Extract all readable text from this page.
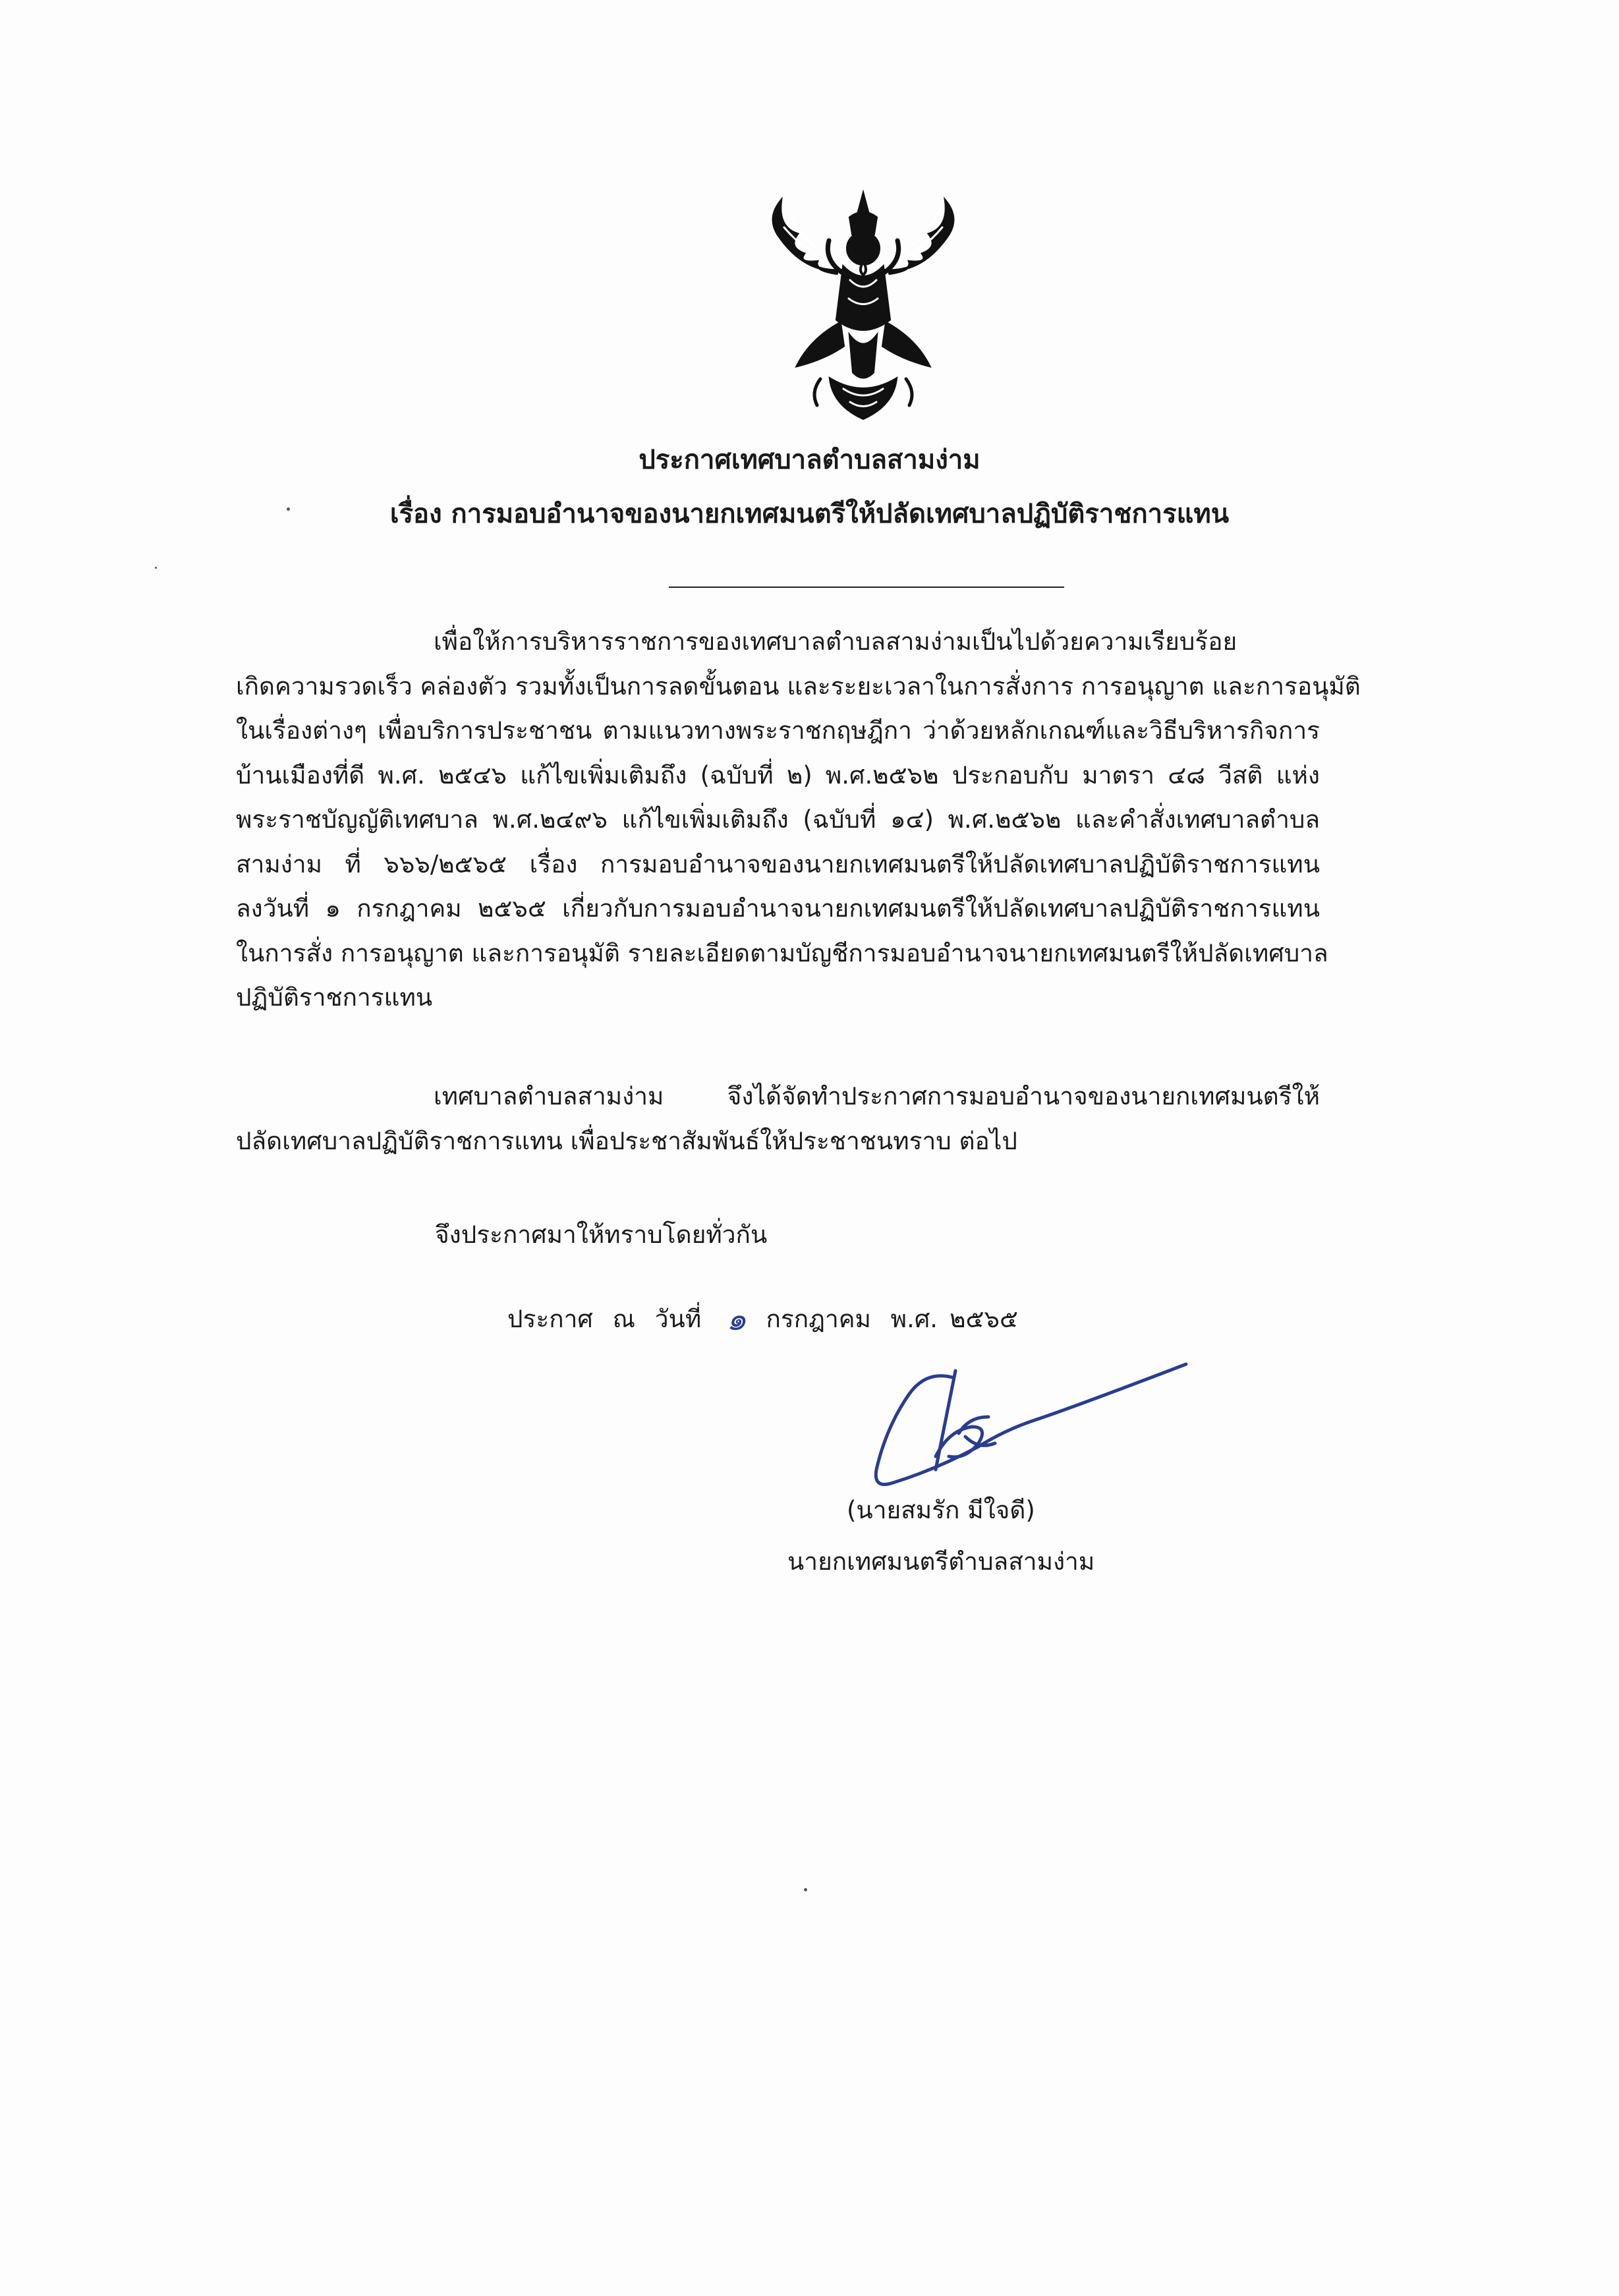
ประกาศเทศบาลตำบลสามง่าม
เรื่อง การมอบอำนาจของนายกเทศมนตรีให้ปลัดเทศบาลปฏิบัติราชการแทน
เพื่อให้การบริหารราชการของเทศบาลตำบลสามง่ามเป็นไปด้วยความเรียบร้อย
เกิดความรวดเร็ว คล่องตัว รวมทั้งเป็นการลดขั้นตอน และระยะเวลาในการสั่งการ การอนุญาต และการอนุมัติ
ในเรื่องต่างๆ เพื่อบริการประชาชน ตามแนวทางพระราชกฤษฎีกา ว่าด้วยหลักเกณฑ์และวิธีบริหารกิจการ
บ้านเมืองที่ดี พ.ศ. ๒๕๔๖ แก้ไขเพิ่มเติมถึง (ฉบับที่ ๒) พ.ศ.๒๕๖๒ ประกอบกับ มาตรา ๔๘ วีสติ แห่ง
พระราชบัญญัติเทศบาล พ.ศ.๒๔๙๖ แก้ไขเพิ่มเติมถึง (ฉบับที่ ๑๔) พ.ศ.๒๕๖๒ และคำสั่งเทศบาลตำบล
สามง่าม ที่ ๖๖๖/๒๕๖๕ เรื่อง การมอบอำนาจของนายกเทศมนตรีให้ปลัดเทศบาลปฏิบัติราชการแทน
ลงวันที่ ๑ กรกฎาคม ๒๕๖๕ เกี่ยวกับการมอบอำนาจนายกเทศมนตรีให้ปลัดเทศบาลปฏิบัติราชการแทน
ในการสั่ง การอนุญาต และการอนุมัติ รายละเอียดตามบัญชีการมอบอำนาจนายกเทศมนตรีให้ปลัดเทศบาล
ปฏิบัติราชการแทน
เทศบาลตำบลสามง่าม จึงได้จัดทำประกาศการมอบอำนาจของนายกเทศมนตรีให้
ปลัดเทศบาลปฏิบัติราชการแทน เพื่อประชาสัมพันธ์ให้ประชาชนทราบ ต่อไป
จึงประกาศมาให้ทราบโดยทั่วกัน
ประกาศ ณ วันที่ ๑ กรกฎาคม พ.ศ. ๒๕๖๕
(นายสมรัก มีใจดี)
นายกเทศมนตรีตำบลสามง่าม
